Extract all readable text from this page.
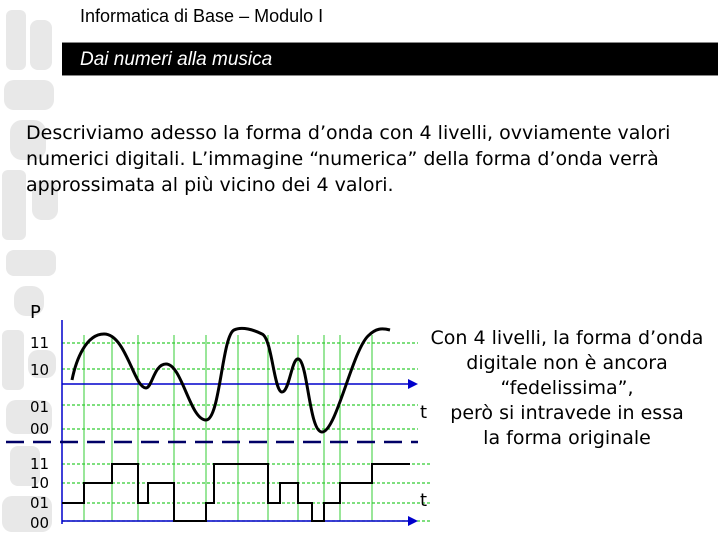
Informatica di Base – Modulo I
Dai numeri alla musica
Descriviamo adesso la forma d’onda con 4 livelli, ovviamente valori numerici digitali. L’immagine “numerica” della forma d’onda verrà approssimata al più vicino dei 4 valori.
P
t
t
11
10
01
00
11
10
01
00
Con 4 livelli, la forma d’onda
digitale non è ancora
“fedelissima”,
però si intravede in essa
la forma originale
